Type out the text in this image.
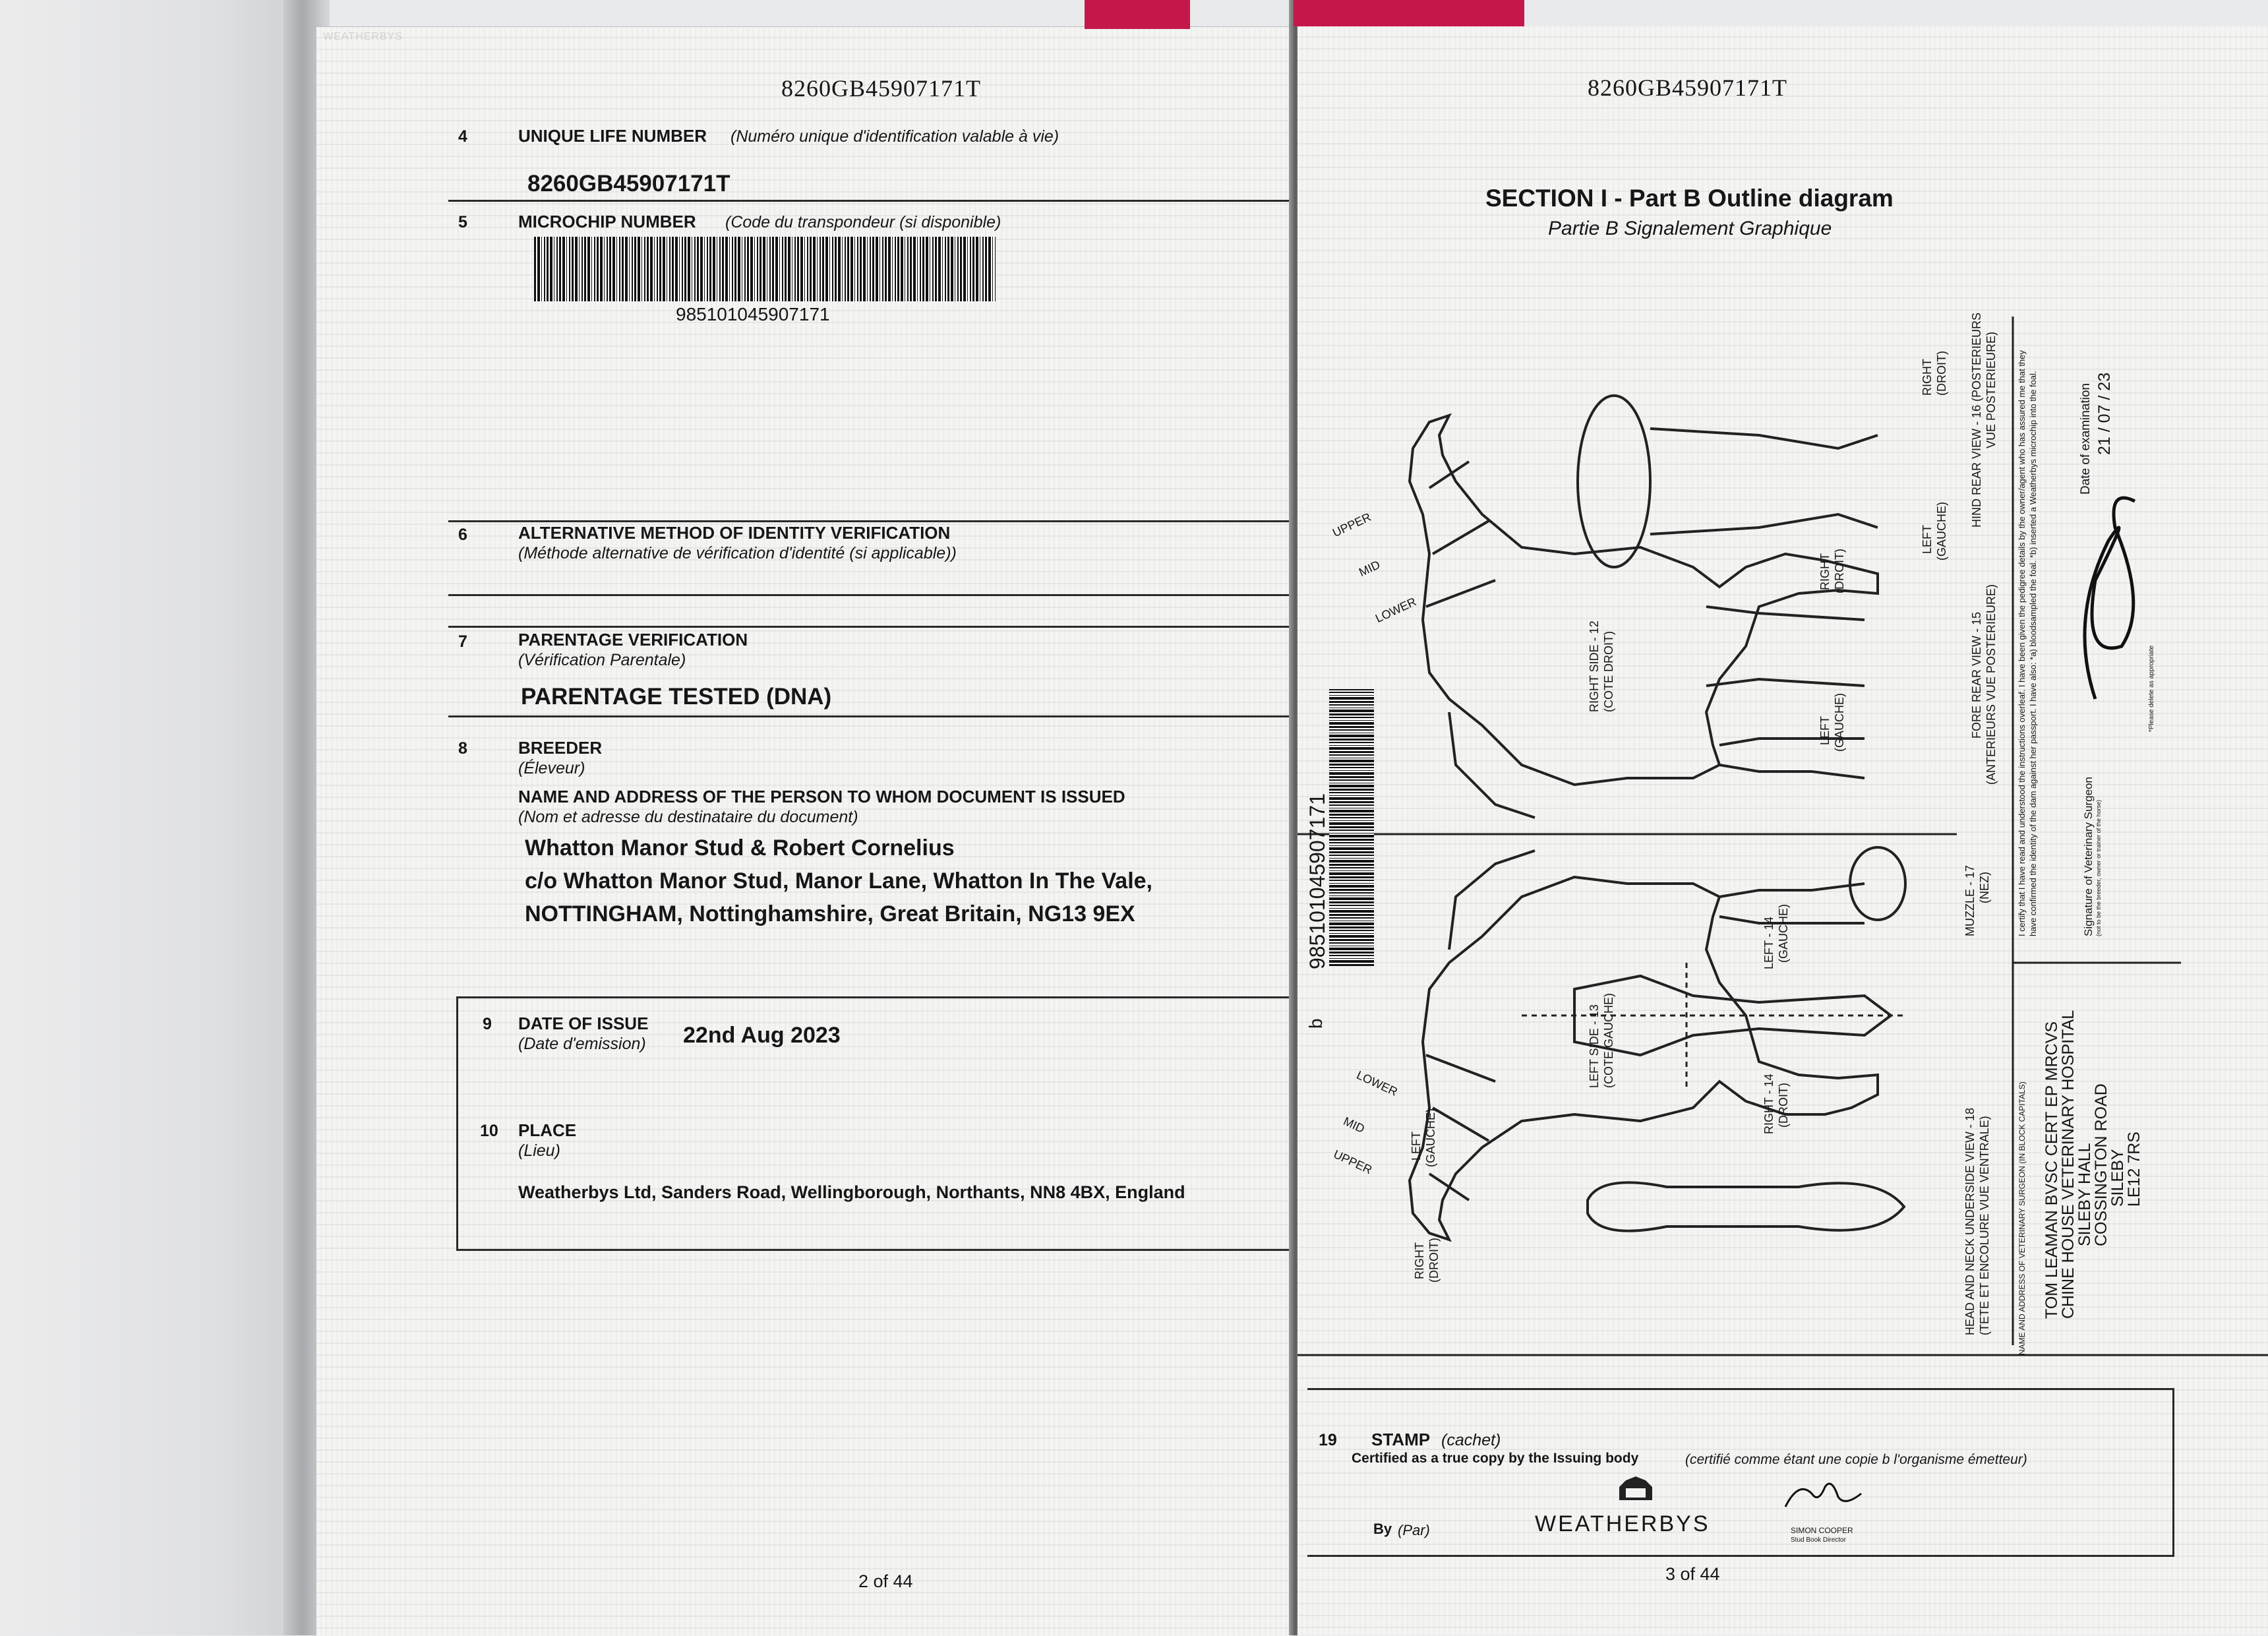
WEATHERBYS
8260GB45907171T
4	UNIQUE LIFE NUMBER (Numéro unique d'identification valable à vie)
8260GB45907171T
5	MICROCHIP NUMBER (Code du transpondeur (si disponible)
985101045907171
6	ALTERNATIVE METHOD OF IDENTITY VERIFICATION
(Méthode alternative de vérification d'identité (si applicable))
7	PARENTAGE VERIFICATION
(Vérification Parentale)
PARENTAGE TESTED (DNA)
8	BREEDER
(Éleveur)
NAME AND ADDRESS OF THE PERSON TO WHOM DOCUMENT IS ISSUED
(Nom et adresse du destinataire du document)
Whatton Manor Stud & Robert Cornelius
c/o Whatton Manor Stud, Manor Lane, Whatton In The Vale,
NOTTINGHAM, Nottinghamshire, Great Britain, NG13 9EX
9 DATE OF ISSUE
(Date d'emission) 22nd Aug 2023
10 PLACE
(Lieu)
Weatherbys Ltd, Sanders Road, Wellingborough, Northants, NN8 4BX, England
2 of 44
8260GB45907171T
SECTION I - Part B Outline diagram
Partie B Signalement Graphique
985101045907171
b
UPPER
MID
LOWER
UPPER
MID
LOWER
RIGHT SIDE - 12 (COTE DROIT)
LEFT SIDE - 13 (COTE GAUCHE)
HIND REAR VIEW - 16 (POSTERIEURS VUE POSTERIEURE)
FORE REAR VIEW - 15 (ANTERIEURS VUE POSTERIEURE)
MUZZLE - 17 (NEZ)
HEAD AND NECK UNDERSIDE VIEW - 18 (TETE ET ENCOLURE VUE VENTRALE)
LEFT (GAUCHE)
RIGHT (DROIT)
LEFT (GAUCHE)
RIGHT (DROIT)
LEFT - 14 (GAUCHE)
RIGHT - 14 (DROIT)
LEFT (GAUCHE)
RIGHT (DROIT)
I certify that I have read and understood the instructions overleaf. I have been given the pedigree details by the owner/agent who has assured me that they have confirmed the identity of the dam against her passport. I have also: *a) bloodsampled the foal. *b) inserted a Weatherbys microchip into the foal.	Signature of Veterinary Surgeon (not to be the breeder, owner or trainer of the horse)
*Please delete as appropriate
Date of examination 21 / 07 / 23
NAME AND ADDRESS OF VETERINARY SURGEON (IN BLOCK CAPITALS) TOM LEAMAN BVSC CERT EP MRCVS
CHINE HOUSE VETERINARY HOSPITAL
SILEBY HALL
COSSINGTON ROAD
SILEBY
LE12 7RS
19 STAMP (cachet)
Certified as a true copy by the Issuing body	(certifié comme étant une copie b l'organisme émetteur)
By (Par)	WEATHERBYS	SIMON COOPER
Stud Book Director
3 of 44
